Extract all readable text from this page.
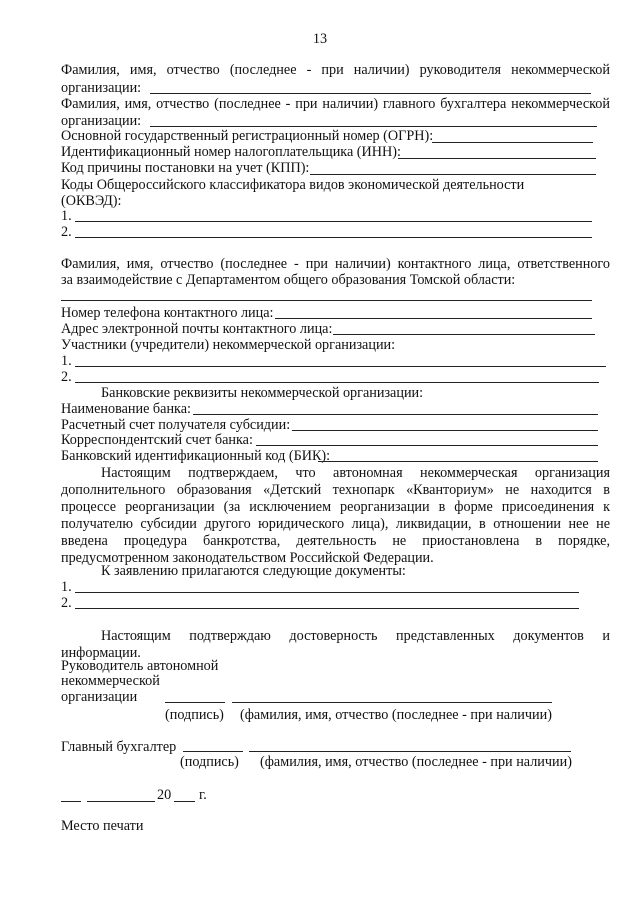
13
Фамилия, имя, отчество (последнее - при наличии) руководителя некоммерческой
организации:
Фамилия, имя, отчество (последнее - при наличии) главного бухгалтера некоммерческой
организации:
Основной государственный регистрационный номер (ОГРН):
Идентификационный номер налогоплательщика (ИНН):
Код причины постановки на учет (КПП):
Коды Общероссийского классификатора видов экономической деятельности
(ОКВЭД):
1.
2.
Фамилия, имя, отчество (последнее - при наличии) контактного лица, ответственного
за взаимодействие с Департаментом общего образования Томской области:
Номер телефона контактного лица:
Адрес электронной почты контактного лица:
Участники (учредители) некоммерческой организации:
1.
2.
Банковские реквизиты некоммерческой организации:
Наименование банка:
Расчетный счет получателя субсидии:
Корреспондентский счет банка:
Банковский идентификационный код (БИК):
Настоящим подтверждаем, что автономная некоммерческая организация
дополнительного образования «Детский технопарк «Кванториум» не находится в
процессе реорганизации (за исключением реорганизации в форме присоединения к
получателю субсидии другого юридического лица), ликвидации, в отношении нее не
введена процедура банкротства, деятельность не приостановлена в порядке,
предусмотренном законодательством Российской Федерации.
К заявлению прилагаются следующие документы:
1.
2.
Настоящим подтверждаю достоверность представленных документов и
информации.
Руководитель автономной
некоммерческой
организации
(подпись) (фамилия, имя, отчество (последнее - при наличии)
Главный бухгалтер
(подпись) (фамилия, имя, отчество (последнее - при наличии)
20 г.
Место печати
